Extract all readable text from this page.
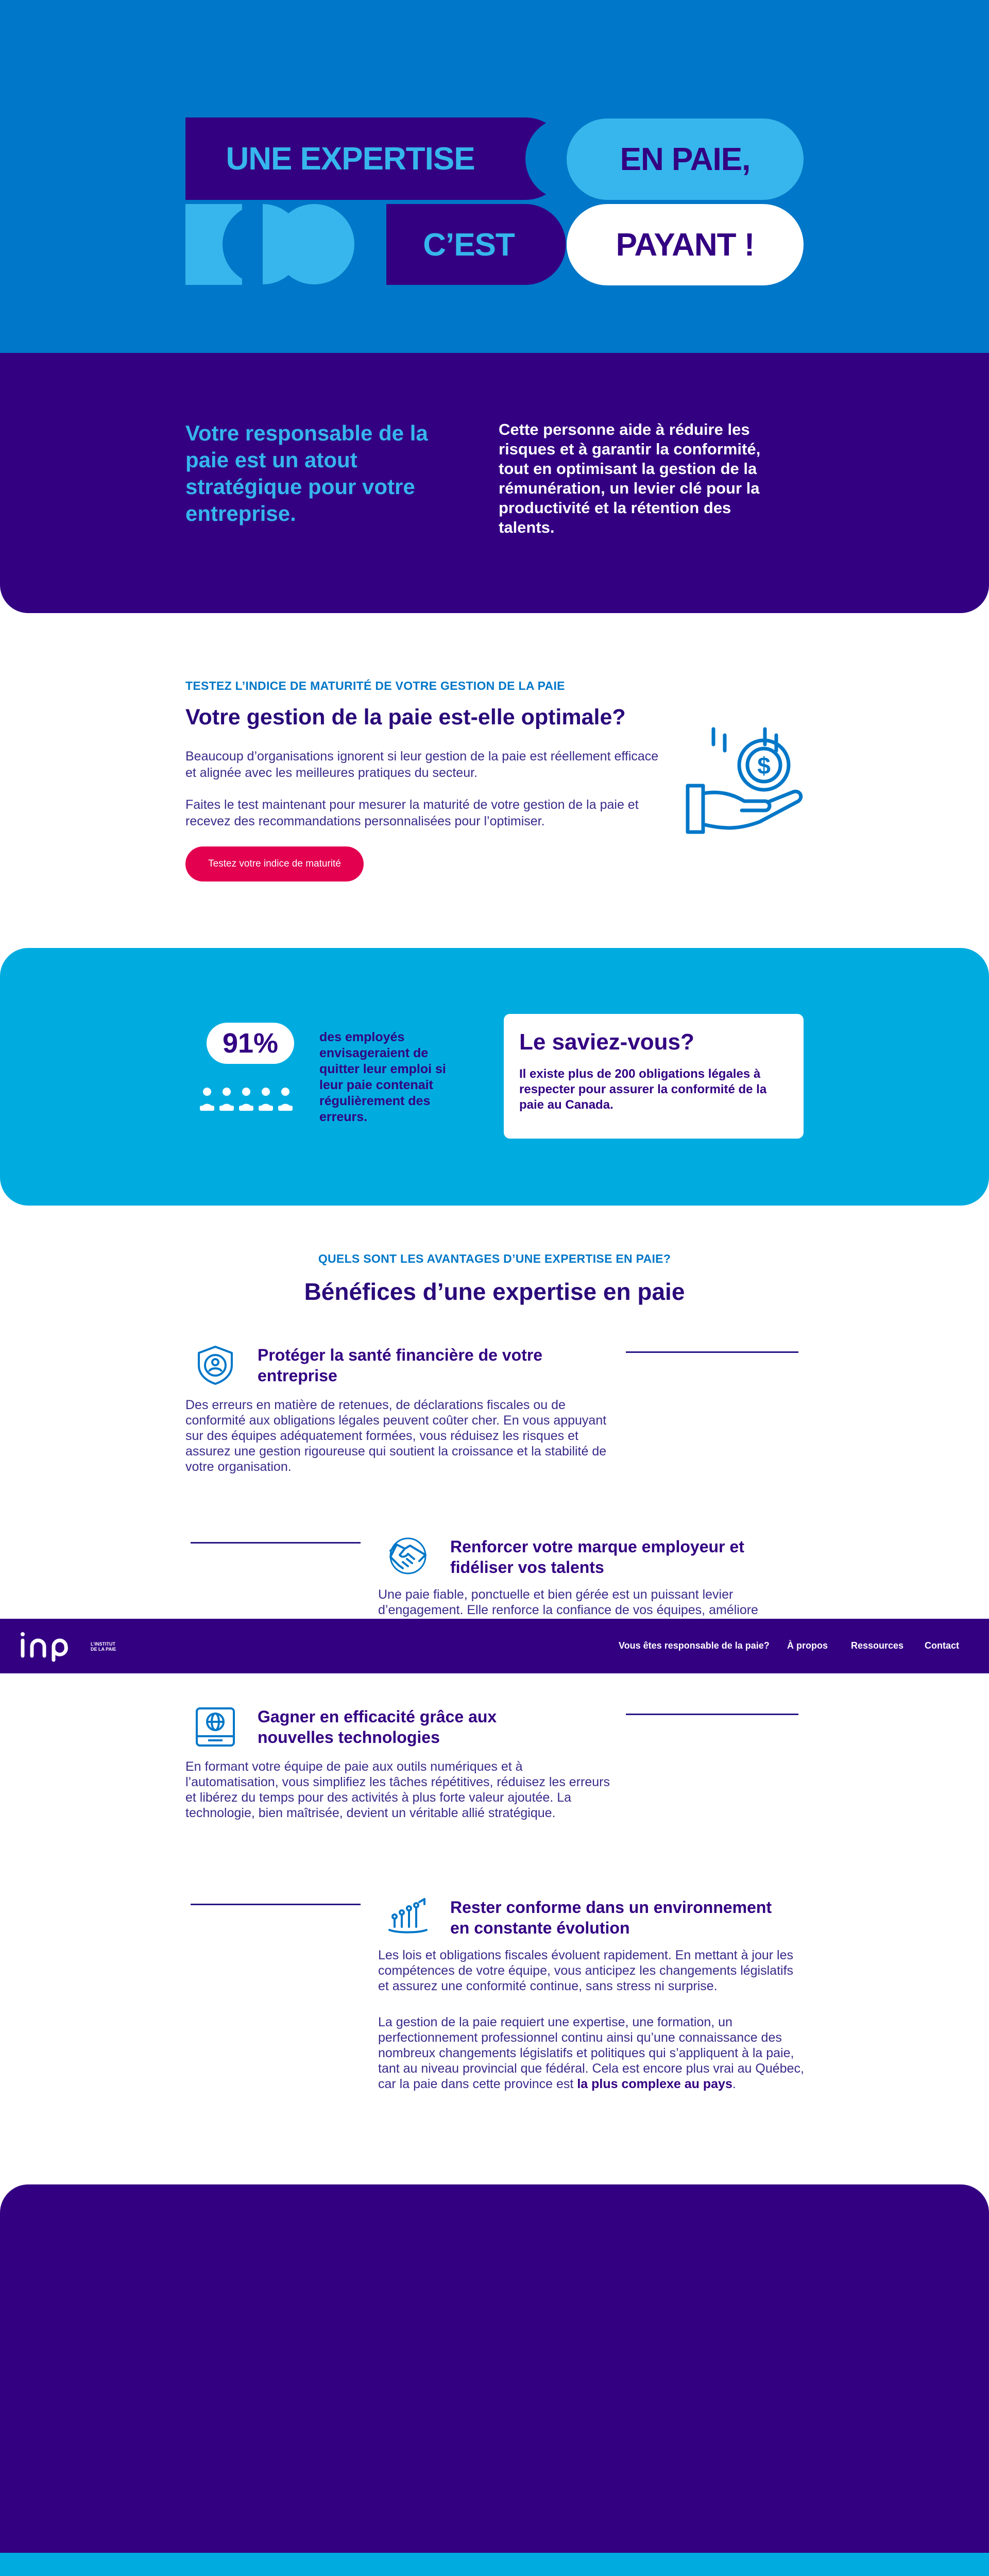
UNE EXPERTISE	EN PAIE,
C’EST	PAYANT !

Votre responsable de la paie est un atout stratégique pour votre entreprise.

Cette personne aide à réduire les risques et à garantir la conformité, tout en optimisant la gestion de la rémunération, un levier clé pour la productivité et la rétention des talents.

TESTEZ L’INDICE DE MATURITÉ DE VOTRE GESTION DE LA PAIE
Votre gestion de la paie est-elle optimale?

Beaucoup d’organisations ignorent si leur gestion de la paie est réellement efficace et alignée avec les meilleures pratiques du secteur.

Faites le test maintenant pour mesurer la maturité de votre gestion de la paie et recevez des recommandations personnalisées pour l’optimiser.

Testez votre indice de maturité
$
91%	des employés envisageraient de quitter leur emploi si leur paie contenait régulièrement des erreurs.

Le saviez-vous?

Il existe plus de 200 obligations légales à respecter pour assurer la conformité de la paie au Canada.

QUELS SONT LES AVANTAGES D’UNE EXPERTISE EN PAIE?
Bénéfices d’une expertise en paie
Protéger la santé financière de votre entreprise

Des erreurs en matière de retenues, de déclarations fiscales ou de conformité aux obligations légales peuvent coûter cher. En vous appuyant sur des équipes adéquatement formées, vous réduisez les risques et assurez une gestion rigoureuse qui soutient la croissance et la stabilité de votre organisation.

Renforcer votre marque employeur et fidéliser vos talents

Une paie fiable, ponctuelle et bien gérée est un puissant levier d’engagement. Elle renforce la confiance de vos équipes, améliore

Gagner en efficacité grâce aux nouvelles technologies

En formant votre équipe de paie aux outils numériques et à l’automatisation, vous simplifiez les tâches répétitives, réduisez les erreurs et libérez du temps pour des activités à plus forte valeur ajoutée. La technologie, bien maîtrisée, devient un véritable allié stratégique.

Rester conforme dans un environnement en constante évolution

Les lois et obligations fiscales évoluent rapidement. En mettant à jour les compétences de votre équipe, vous anticipez les changements législatifs et assurez une conformité continue, sans stress ni surprise.

La gestion de la paie requiert une expertise, une formation, un perfectionnement professionnel continu ainsi qu’une connaissance des nombreux changements législatifs et politiques qui s’appliquent à la paie, tant au niveau provincial que fédéral. Cela est encore plus vrai au Québec, car la paie dans cette province est la plus complexe au pays.

L’INSTITUT DE LA PAIE	Vous êtes responsable de la paie? À propos	Ressources Contact
